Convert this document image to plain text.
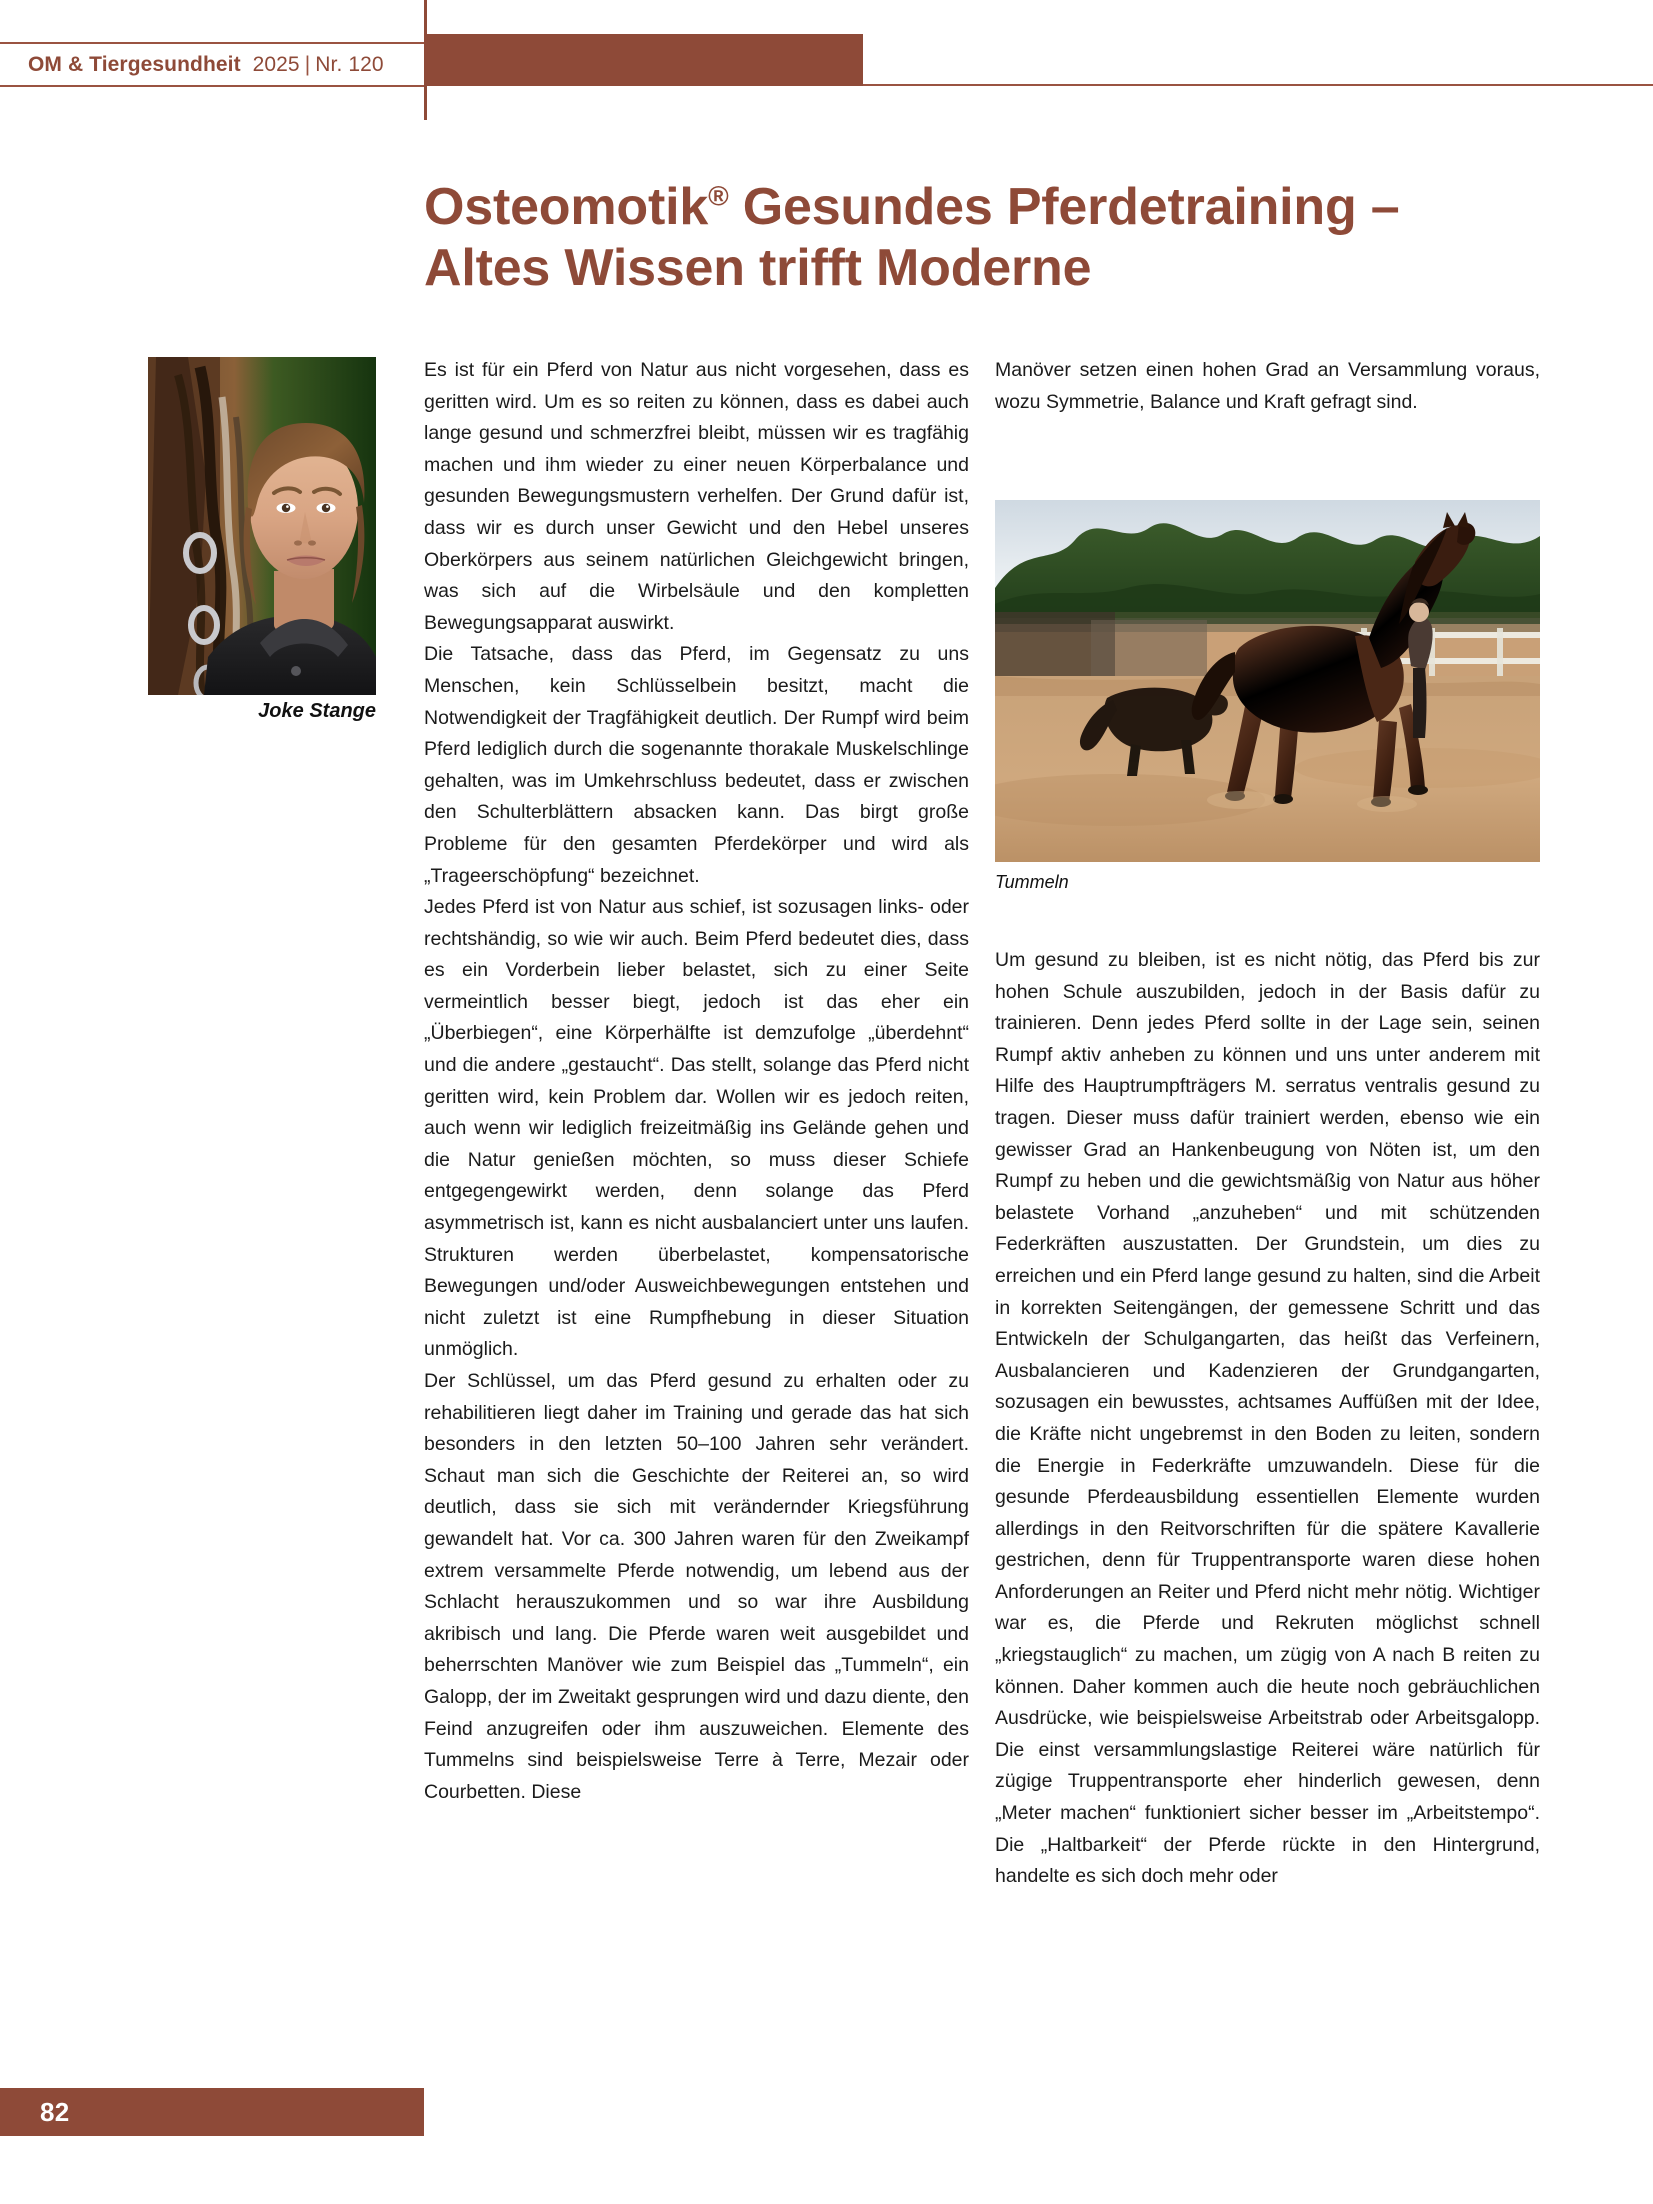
OM & Tiergesundheit 2025 | Nr. 120
Osteomotik® Gesundes Pferdetraining –
Altes Wissen trifft Moderne
Joke Stange

Es ist für ein Pferd von Natur aus nicht vorgesehen, dass es geritten wird. Um es so reiten zu können, dass es dabei auch lange gesund und schmerzfrei bleibt, müssen wir es tragfähig machen und ihm wieder zu einer neuen Körperbalance und gesunden Bewegungsmustern verhelfen. Der Grund dafür ist, dass wir es durch unser Gewicht und den Hebel unseres Oberkörpers aus seinem natürlichen Gleichgewicht bringen, was sich auf die Wirbelsäule und den kompletten Bewegungsapparat auswirkt.

Die Tatsache, dass das Pferd, im Gegensatz zu uns Menschen, kein Schlüsselbein besitzt, macht die Notwendigkeit der Tragfähigkeit deutlich. Der Rumpf wird beim Pferd lediglich durch die sogenannte thorakale Muskelschlinge gehalten, was im Umkehrschluss bedeutet, dass er zwischen den Schulterblättern absacken kann. Das birgt große Probleme für den gesamten Pferdekörper und wird als „Trageerschöpfung“ bezeichnet.

Jedes Pferd ist von Natur aus schief, ist sozusagen links- oder rechtshändig, so wie wir auch. Beim Pferd bedeutet dies, dass es ein Vorderbein lieber belastet, sich zu einer Seite vermeintlich besser biegt, jedoch ist das eher ein „Überbiegen“, eine Körperhälfte ist demzufolge „überdehnt“ und die andere „gestaucht“. Das stellt, solange das Pferd nicht geritten wird, kein Problem dar. Wollen wir es jedoch reiten, auch wenn wir lediglich freizeitmäßig ins Gelände gehen und die Natur genießen möchten, so muss dieser Schiefe entgegengewirkt werden, denn solange das Pferd asymmetrisch ist, kann es nicht ausbalanciert unter uns laufen. Strukturen werden überbelastet, kompensatorische Bewegungen und/oder Ausweichbewegungen entstehen und nicht zuletzt ist eine Rumpfhebung in dieser Situation unmöglich.

Der Schlüssel, um das Pferd gesund zu erhalten oder zu rehabilitieren liegt daher im Training und gerade das hat sich besonders in den letzten 50–100 Jahren sehr verändert. Schaut man sich die Geschichte der Reiterei an, so wird deutlich, dass sie sich mit verändernder Kriegsführung gewandelt hat. Vor ca. 300 Jahren waren für den Zweikampf extrem versammelte Pferde notwendig, um lebend aus der Schlacht herauszukommen und so war ihre Ausbildung akribisch und lang. Die Pferde waren weit ausgebildet und beherrschten Manöver wie zum Beispiel das „Tummeln“, ein Galopp, der im Zweitakt gesprungen wird und dazu diente, den Feind anzugreifen oder ihm auszuweichen. Elemente des Tummelns sind beispielsweise Terre à Terre, Mezair oder Courbetten. Diese

Manöver setzen einen hohen Grad an Versammlung voraus, wozu Symmetrie, Balance und Kraft gefragt sind.

Tummeln

Um gesund zu bleiben, ist es nicht nötig, das Pferd bis zur hohen Schule auszubilden, jedoch in der Basis dafür zu trainieren. Denn jedes Pferd sollte in der Lage sein, seinen Rumpf aktiv anheben zu können und uns unter anderem mit Hilfe des Hauptrumpfträgers M. serratus ventralis gesund zu tragen. Dieser muss dafür trainiert werden, ebenso wie ein gewisser Grad an Hankenbeugung von Nöten ist, um den Rumpf zu heben und die gewichtsmäßig von Natur aus höher belastete Vorhand „anzuheben“ und mit schützenden Federkräften auszustatten. Der Grundstein, um dies zu erreichen und ein Pferd lange gesund zu halten, sind die Arbeit in korrekten Seitengängen, der gemessene Schritt und das Entwickeln der Schulgangarten, das heißt das Verfeinern, Ausbalancieren und Kadenzieren der Grundgangarten, sozusagen ein bewusstes, achtsames Auffüßen mit der Idee, die Kräfte nicht ungebremst in den Boden zu leiten, sondern die Energie in Federkräfte umzuwandeln. Diese für die gesunde Pferdeausbildung essentiellen Elemente wurden allerdings in den Reitvorschriften für die spätere Kavallerie gestrichen, denn für Truppentransporte waren diese hohen Anforderungen an Reiter und Pferd nicht mehr nötig. Wichtiger war es, die Pferde und Rekruten möglichst schnell „kriegstauglich“ zu machen, um zügig von A nach B reiten zu können. Daher kommen auch die heute noch gebräuchlichen Ausdrücke, wie beispielsweise Arbeitstrab oder Arbeitsgalopp. Die einst versammlungslastige Reiterei wäre natürlich für zügige Truppentransporte eher hinderlich gewesen, denn „Meter machen“ funktioniert sicher besser im „Arbeitstempo“. Die „Haltbarkeit“ der Pferde rückte in den Hintergrund, handelte es sich doch mehr oder

82
